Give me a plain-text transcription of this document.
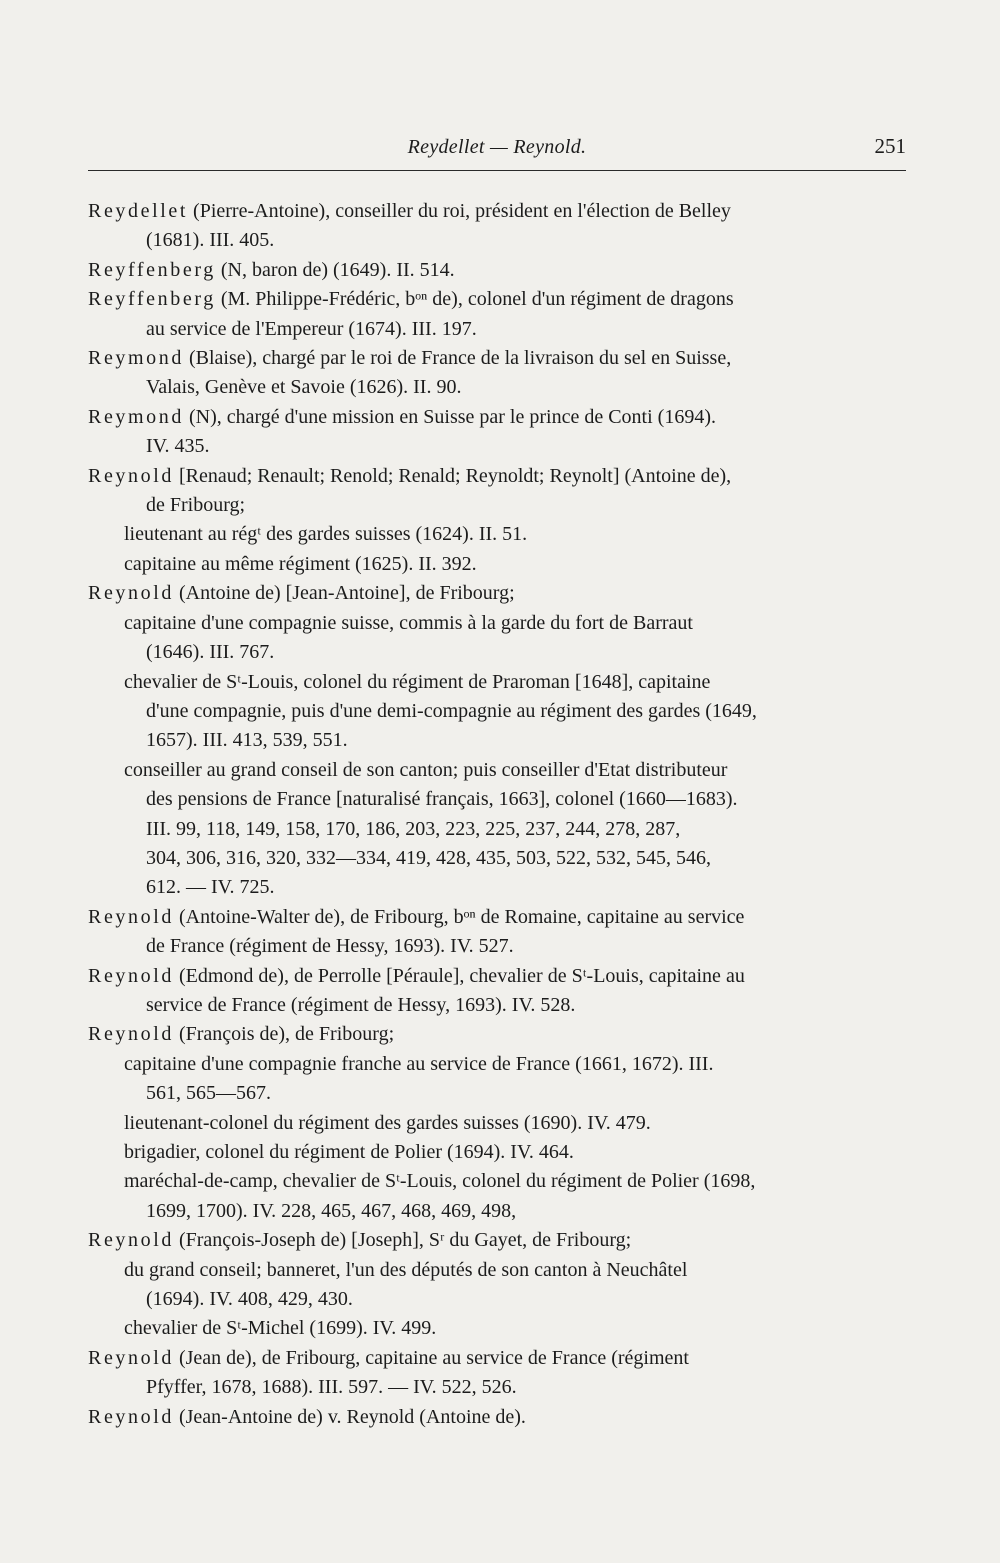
Reydellet — Reynold.	251
Reydellet (Pierre-Antoine), conseiller du roi, président en l'élection de Belley
(1681). III. 405.
Reyffenberg (N, baron de) (1649). II. 514.
Reyffenberg (M. Philippe-Frédéric, bᵒⁿ de), colonel d'un régiment de dragons
au service de l'Empereur (1674). III. 197.
Reymond (Blaise), chargé par le roi de France de la livraison du sel en Suisse,
Valais, Genève et Savoie (1626). II. 90.
Reymond (N), chargé d'une mission en Suisse par le prince de Conti (1694).
IV. 435.
Reynold [Renaud; Renault; Renold; Renald; Reynoldt; Reynolt] (Antoine de),
de Fribourg;
lieutenant au régᵗ des gardes suisses (1624). II. 51.
capitaine au même régiment (1625). II. 392.
Reynold (Antoine de) [Jean-Antoine], de Fribourg;
capitaine d'une compagnie suisse, commis à la garde du fort de Barraut
(1646). III. 767.
chevalier de Sᵗ-Louis, colonel du régiment de Praroman [1648], capitaine
d'une compagnie, puis d'une demi-compagnie au régiment des gardes (1649,
1657). III. 413, 539, 551.
conseiller au grand conseil de son canton; puis conseiller d'Etat distributeur
des pensions de France [naturalisé français, 1663], colonel (1660—1683).
III. 99, 118, 149, 158, 170, 186, 203, 223, 225, 237, 244, 278, 287,
304, 306, 316, 320, 332—334, 419, 428, 435, 503, 522, 532, 545, 546,
612. — IV. 725.
Reynold (Antoine-Walter de), de Fribourg, bᵒⁿ de Romaine, capitaine au service
de France (régiment de Hessy, 1693). IV. 527.
Reynold (Edmond de), de Perrolle [Péraule], chevalier de Sᵗ-Louis, capitaine au
service de France (régiment de Hessy, 1693). IV. 528.
Reynold (François de), de Fribourg;
capitaine d'une compagnie franche au service de France (1661, 1672). III.
561, 565—567.
lieutenant-colonel du régiment des gardes suisses (1690). IV. 479.
brigadier, colonel du régiment de Polier (1694). IV. 464.
maréchal-de-camp, chevalier de Sᵗ-Louis, colonel du régiment de Polier (1698,
1699, 1700). IV. 228, 465, 467, 468, 469, 498,
Reynold (François-Joseph de) [Joseph], Sʳ du Gayet, de Fribourg;
du grand conseil; banneret, l'un des députés de son canton à Neuchâtel
(1694). IV. 408, 429, 430.
chevalier de Sᵗ-Michel (1699). IV. 499.
Reynold (Jean de), de Fribourg, capitaine au service de France (régiment
Pfyffer, 1678, 1688). III. 597. — IV. 522, 526.
Reynold (Jean-Antoine de) v. Reynold (Antoine de).
